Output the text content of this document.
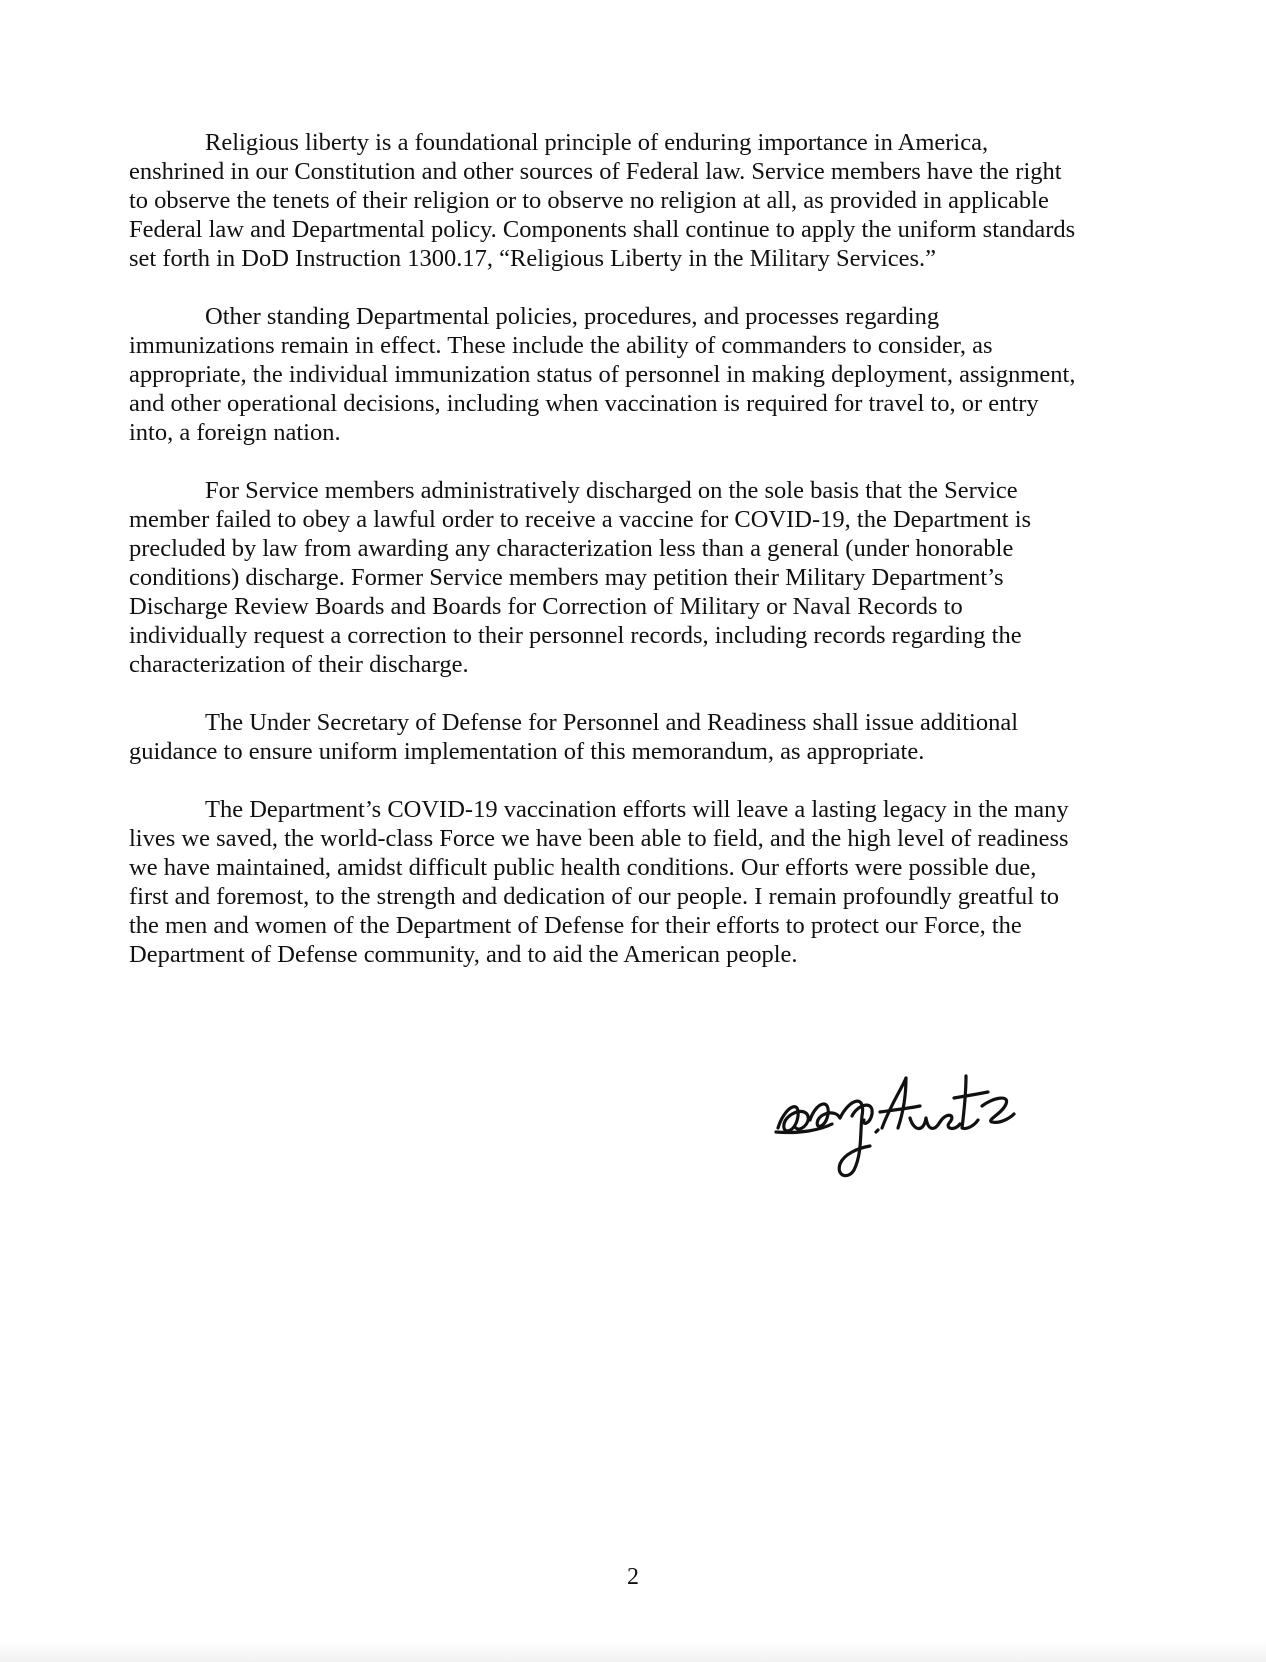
Religious liberty is a foundational principle of enduring importance in America,
enshrined in our Constitution and other sources of Federal law. Service members have the right
to observe the tenets of their religion or to observe no religion at all, as provided in applicable
Federal law and Departmental policy. Components shall continue to apply the uniform standards
set forth in DoD Instruction 1300.17, “Religious Liberty in the Military Services.”

Other standing Departmental policies, procedures, and processes regarding
immunizations remain in effect. These include the ability of commanders to consider, as
appropriate, the individual immunization status of personnel in making deployment, assignment,
and other operational decisions, including when vaccination is required for travel to, or entry
into, a foreign nation.

For Service members administratively discharged on the sole basis that the Service
member failed to obey a lawful order to receive a vaccine for COVID-19, the Department is
precluded by law from awarding any characterization less than a general (under honorable
conditions) discharge. Former Service members may petition their Military Department’s
Discharge Review Boards and Boards for Correction of Military or Naval Records to
individually request a correction to their personnel records, including records regarding the
characterization of their discharge.

The Under Secretary of Defense for Personnel and Readiness shall issue additional
guidance to ensure uniform implementation of this memorandum, as appropriate.

The Department’s COVID-19 vaccination efforts will leave a lasting legacy in the many
lives we saved, the world-class Force we have been able to field, and the high level of readiness
we have maintained, amidst difficult public health conditions. Our efforts were possible due,
first and foremost, to the strength and dedication of our people. I remain profoundly greatful to
the men and women of the Department of Defense for their efforts to protect our Force, the
Department of Defense community, and to aid the American people.

2
